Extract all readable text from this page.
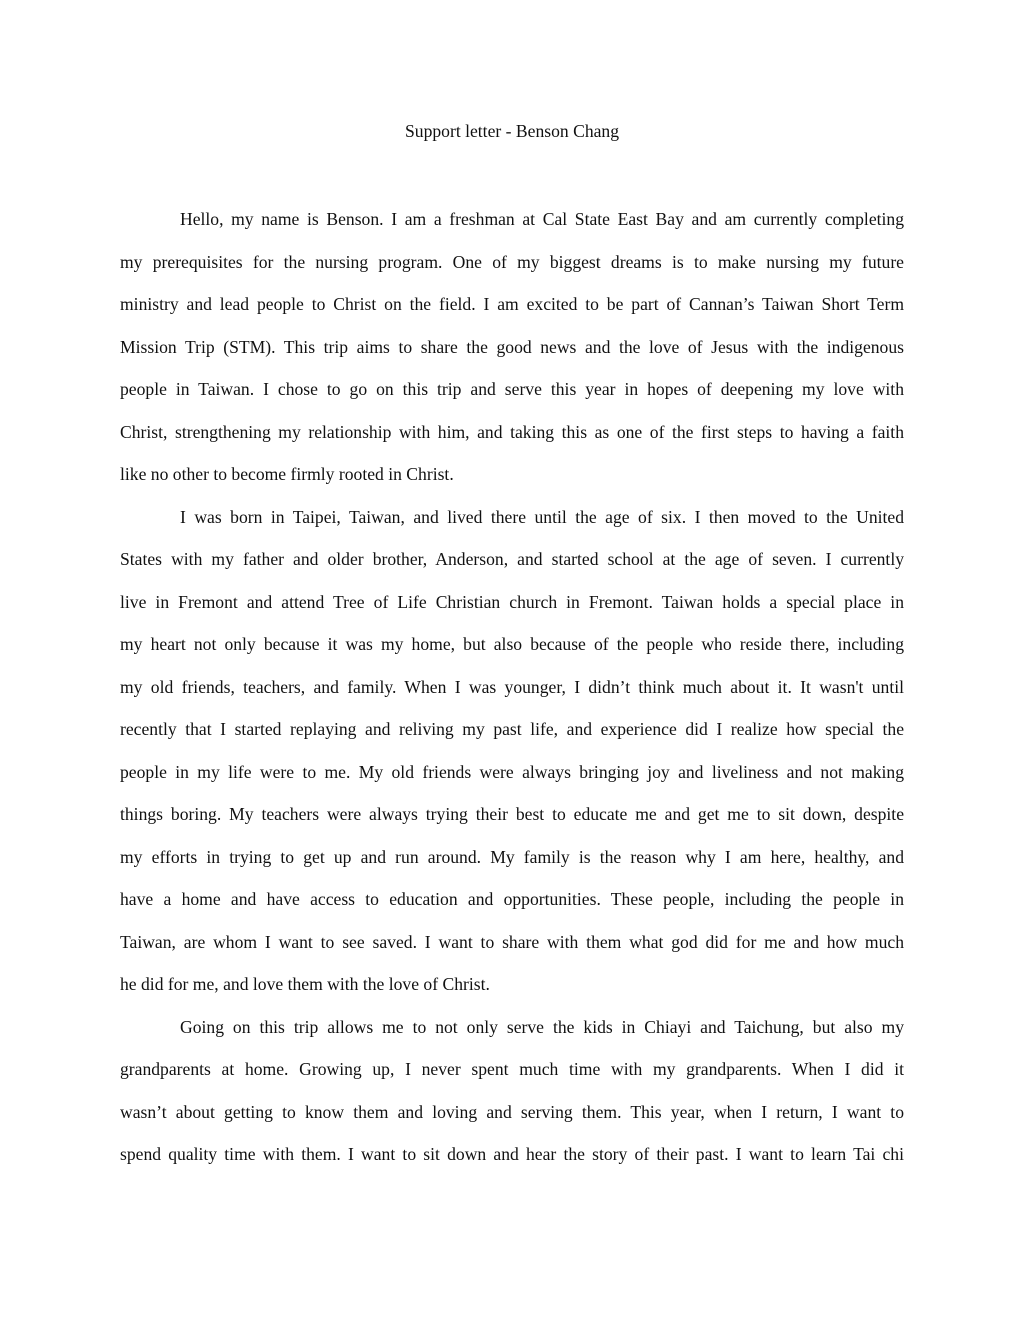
Support letter - Benson Chang
Hello, my name is Benson. I am a freshman at Cal State East Bay and am currently completing
my prerequisites for the nursing program. One of my biggest dreams is to make nursing my future
ministry and lead people to Christ on the field. I am excited to be part of Cannan’s Taiwan Short Term
Mission Trip (STM). This trip aims to share the good news and the love of Jesus with the indigenous
people in Taiwan. I chose to go on this trip and serve this year in hopes of deepening my love with
Christ, strengthening my relationship with him, and taking this as one of the first steps to having a faith
like no other to become firmly rooted in Christ.
I was born in Taipei, Taiwan, and lived there until the age of six. I then moved to the United
States with my father and older brother, Anderson, and started school at the age of seven. I currently
live in Fremont and attend Tree of Life Christian church in Fremont. Taiwan holds a special place in
my heart not only because it was my home, but also because of the people who reside there, including
my old friends, teachers, and family. When I was younger, I didn’t think much about it. It wasn't until
recently that I started replaying and reliving my past life, and experience did I realize how special the
people in my life were to me. My old friends were always bringing joy and liveliness and not making
things boring. My teachers were always trying their best to educate me and get me to sit down, despite
my efforts in trying to get up and run around. My family is the reason why I am here, healthy, and
have a home and have access to education and opportunities. These people, including the people in
Taiwan, are whom I want to see saved. I want to share with them what god did for me and how much
he did for me, and love them with the love of Christ.
Going on this trip allows me to not only serve the kids in Chiayi and Taichung, but also my
grandparents at home. Growing up, I never spent much time with my grandparents. When I did it
wasn’t about getting to know them and loving and serving them. This year, when I return, I want to
spend quality time with them. I want to sit down and hear the story of their past. I want to learn Tai chi
